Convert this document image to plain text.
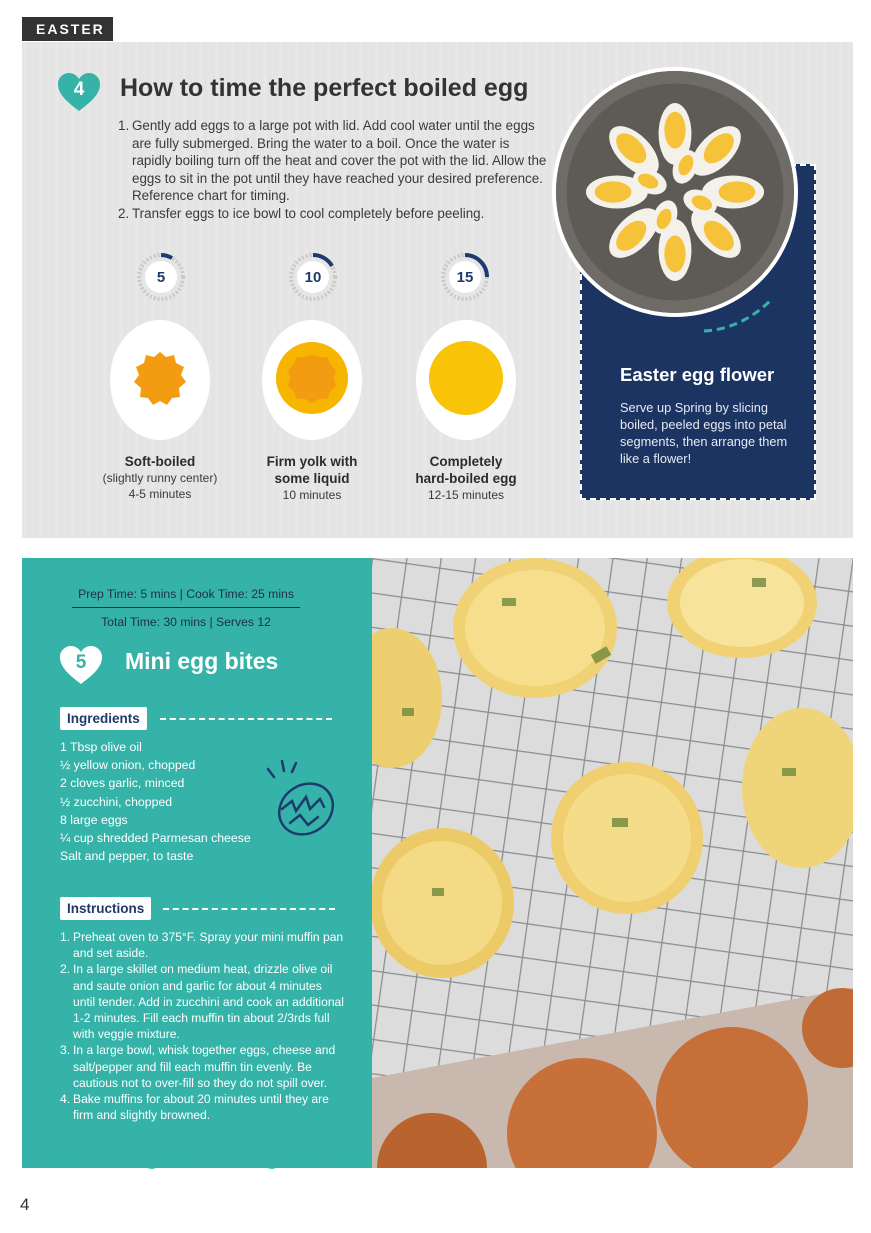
EASTER
4	How to time the perfect boiled egg
1. Gently add eggs to a large pot with lid. Add cool water until the eggs are fully submerged. Bring the water to a boil. Once the water is rapidly boiling turn off the heat and cover the pot with the lid. Allow the eggs to sit in the pot until they have reached your desired preference. Reference chart for timing.
2. Transfer eggs to ice bowl to cool completely before peeling.
5	10	15
Soft-boiled
(slightly runny center)
4-5 minutes
Firm yolk with
some liquid
10 minutes
Completely
hard-boiled egg
12-15 minutes
Easter egg flower
Serve up Spring by slicing boiled, peeled eggs into petal segments, then arrange them like a flower!
Prep Time: 5 mins | Cook Time: 25 mins
Total Time: 30 mins | Serves 12
5	Mini egg bites
Ingredients
1 Tbsp olive oil
½ yellow onion, chopped
2 cloves garlic, minced
½ zucchini, chopped
8 large eggs
¼ cup shredded Parmesan cheese
Salt and pepper, to taste
Instructions
1. Preheat oven to 375°F. Spray your mini muffin pan and set aside.
2. In a large skillet on medium heat, drizzle olive oil and saute onion and garlic for about 4 minutes until tender. Add in zucchini and cook an additional 1-2 minutes. Fill each muffin tin about 2/3rds full with veggie mixture.
3. In a large bowl, whisk together eggs, cheese and salt/pepper and fill each muffin tin evenly. Be cautious not to over-fill so they do not spill over.
4. Bake muffins for about 20 minutes until they are firm and slightly browned.
4
